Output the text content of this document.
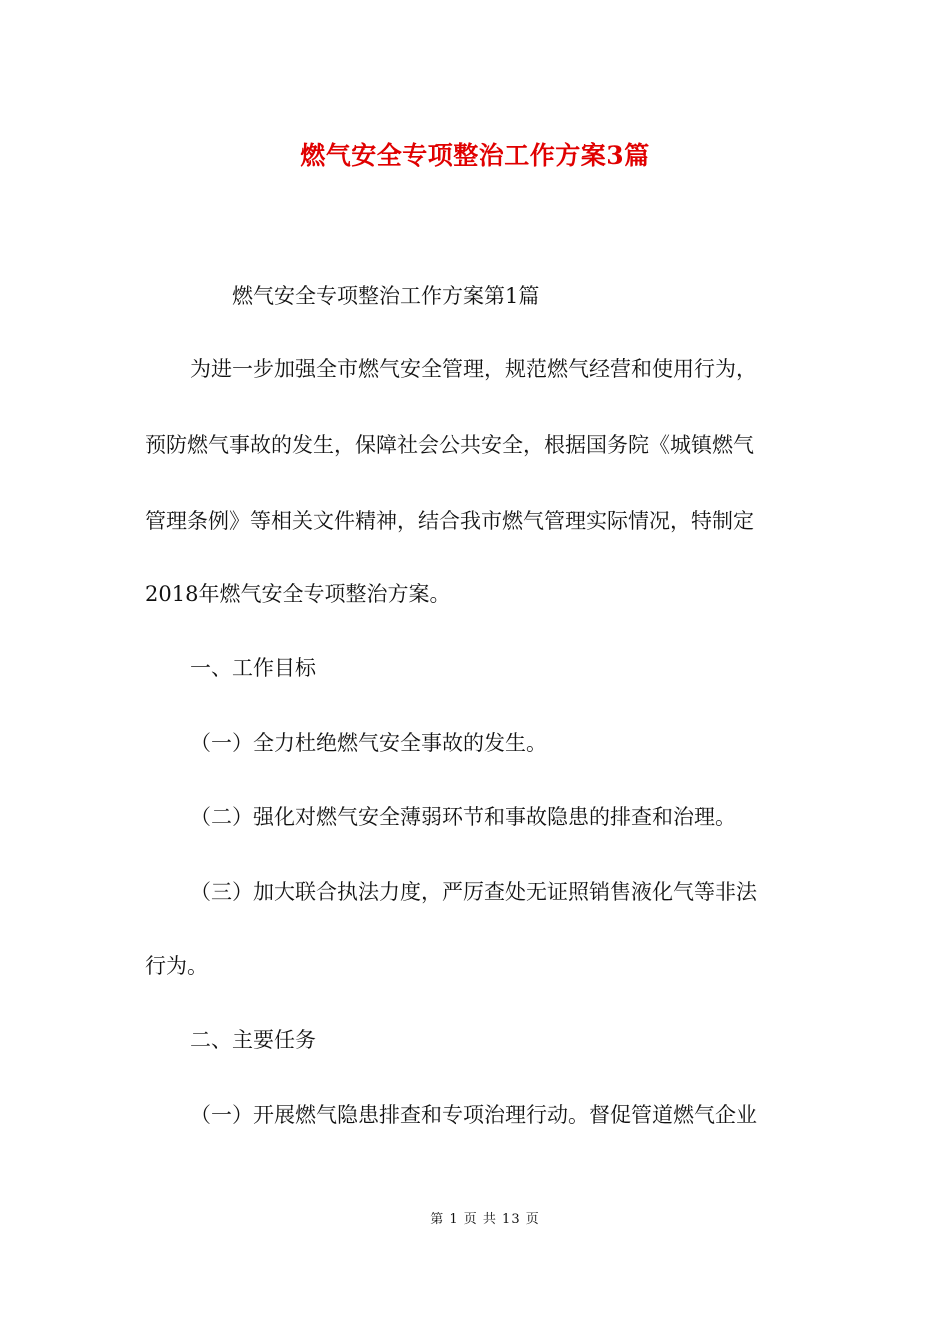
燃气安全专项整治工作方案3篇
燃气安全专项整治工作方案第1篇
为进一步加强全市燃气安全管理，规范燃气经营和使用行为，
预防燃气事故的发生，保障社会公共安全，根据国务院《城镇燃气
管理条例》等相关文件精神，结合我市燃气管理实际情况，特制定
2018年燃气安全专项整治方案。
一、工作目标
（一）全力杜绝燃气安全事故的发生。
（二）强化对燃气安全薄弱环节和事故隐患的排查和治理。
（三）加大联合执法力度，严厉查处无证照销售液化气等非法
行为。
二、主要任务
（一）开展燃气隐患排查和专项治理行动。督促管道燃气企业
第 1 页 共 13 页
